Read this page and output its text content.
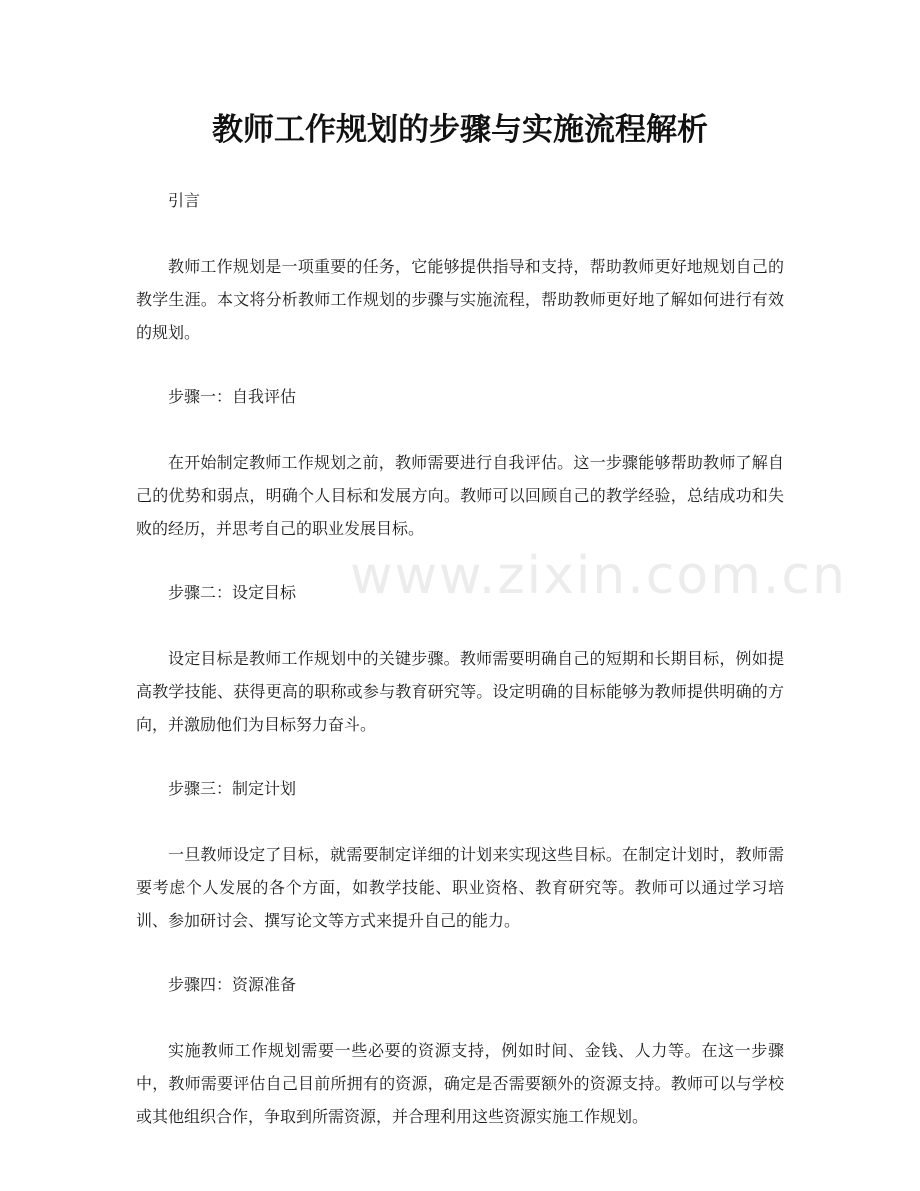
教师工作规划的步骤与实施流程解析
www.zixin.com.cn

引言

教师工作规划是一项重要的任务，它能够提供指导和支持，帮助教师更好地规划自己的教学生涯。本文将分析教师工作规划的步骤与实施流程，帮助教师更好地了解如何进行有效的规划。

步骤一：自我评估

在开始制定教师工作规划之前，教师需要进行自我评估。这一步骤能够帮助教师了解自己的优势和弱点，明确个人目标和发展方向。教师可以回顾自己的教学经验，总结成功和失败的经历，并思考自己的职业发展目标。

步骤二：设定目标

设定目标是教师工作规划中的关键步骤。教师需要明确自己的短期和长期目标，例如提高教学技能、获得更高的职称或参与教育研究等。设定明确的目标能够为教师提供明确的方向，并激励他们为目标努力奋斗。

步骤三：制定计划

一旦教师设定了目标，就需要制定详细的计划来实现这些目标。在制定计划时，教师需要考虑个人发展的各个方面，如教学技能、职业资格、教育研究等。教师可以通过学习培训、参加研讨会、撰写论文等方式来提升自己的能力。

步骤四：资源准备

实施教师工作规划需要一些必要的资源支持，例如时间、金钱、人力等。在这一步骤中，教师需要评估自己目前所拥有的资源，确定是否需要额外的资源支持。教师可以与学校或其他组织合作，争取到所需资源，并合理利用这些资源实施工作规划。
